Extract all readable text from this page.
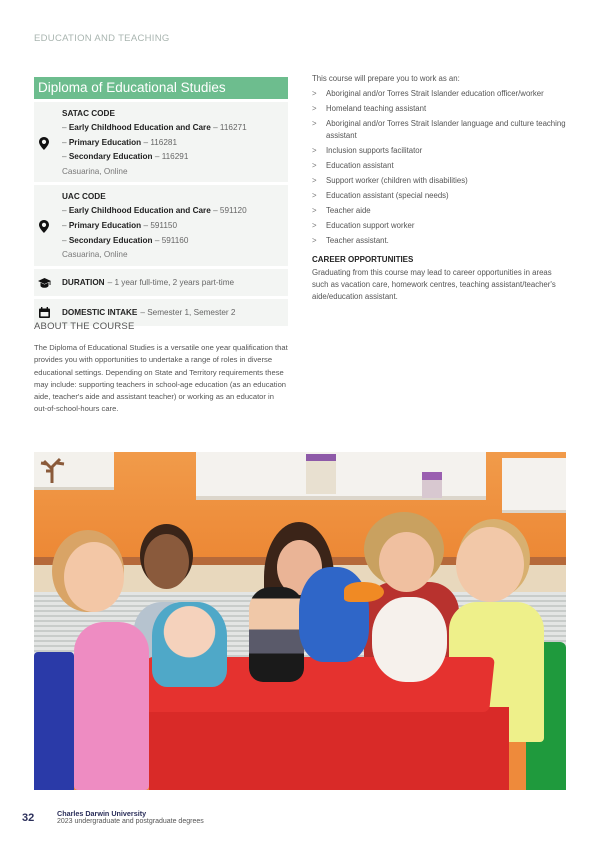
EDUCATION AND TEACHING
Diploma of Educational Studies
SATAC CODE
– Early Childhood Education and Care – 116271
– Primary Education – 116281
– Secondary Education – 116291
Casuarina, Online
UAC CODE
– Early Childhood Education and Care – 591120
– Primary Education – 591150
– Secondary Education – 591160
Casuarina, Online
DURATION – 1 year full-time, 2 years part-time
DOMESTIC INTAKE – Semester 1, Semester 2
ABOUT THE COURSE

The Diploma of Educational Studies is a versatile one year qualification that provides you with opportunities to undertake a range of roles in diverse educational settings. Depending on State and Territory requirements these may include: supporting teachers in school-age education (as an education aide, teacher's aide and assistant teacher) or working as an educator in out-of-school-hours care.

This course will prepare you to work as an:

> Aboriginal and/or Torres Strait Islander education officer/worker
> Homeland teaching assistant
> Aboriginal and/or Torres Strait Islander language and culture teaching assistant
> Inclusion supports facilitator
> Education assistant
> Support worker (children with disabilities)
> Education assistant (special needs)
> Teacher aide
> Education support worker
> Teacher assistant.
CAREER OPPORTUNITIES

Graduating from this course may lead to career opportunities in areas such as vacation care, homework centres, teaching assistant/teacher's aide/education assistant.

32	Charles Darwin University
2023 undergraduate and postgraduate degrees
